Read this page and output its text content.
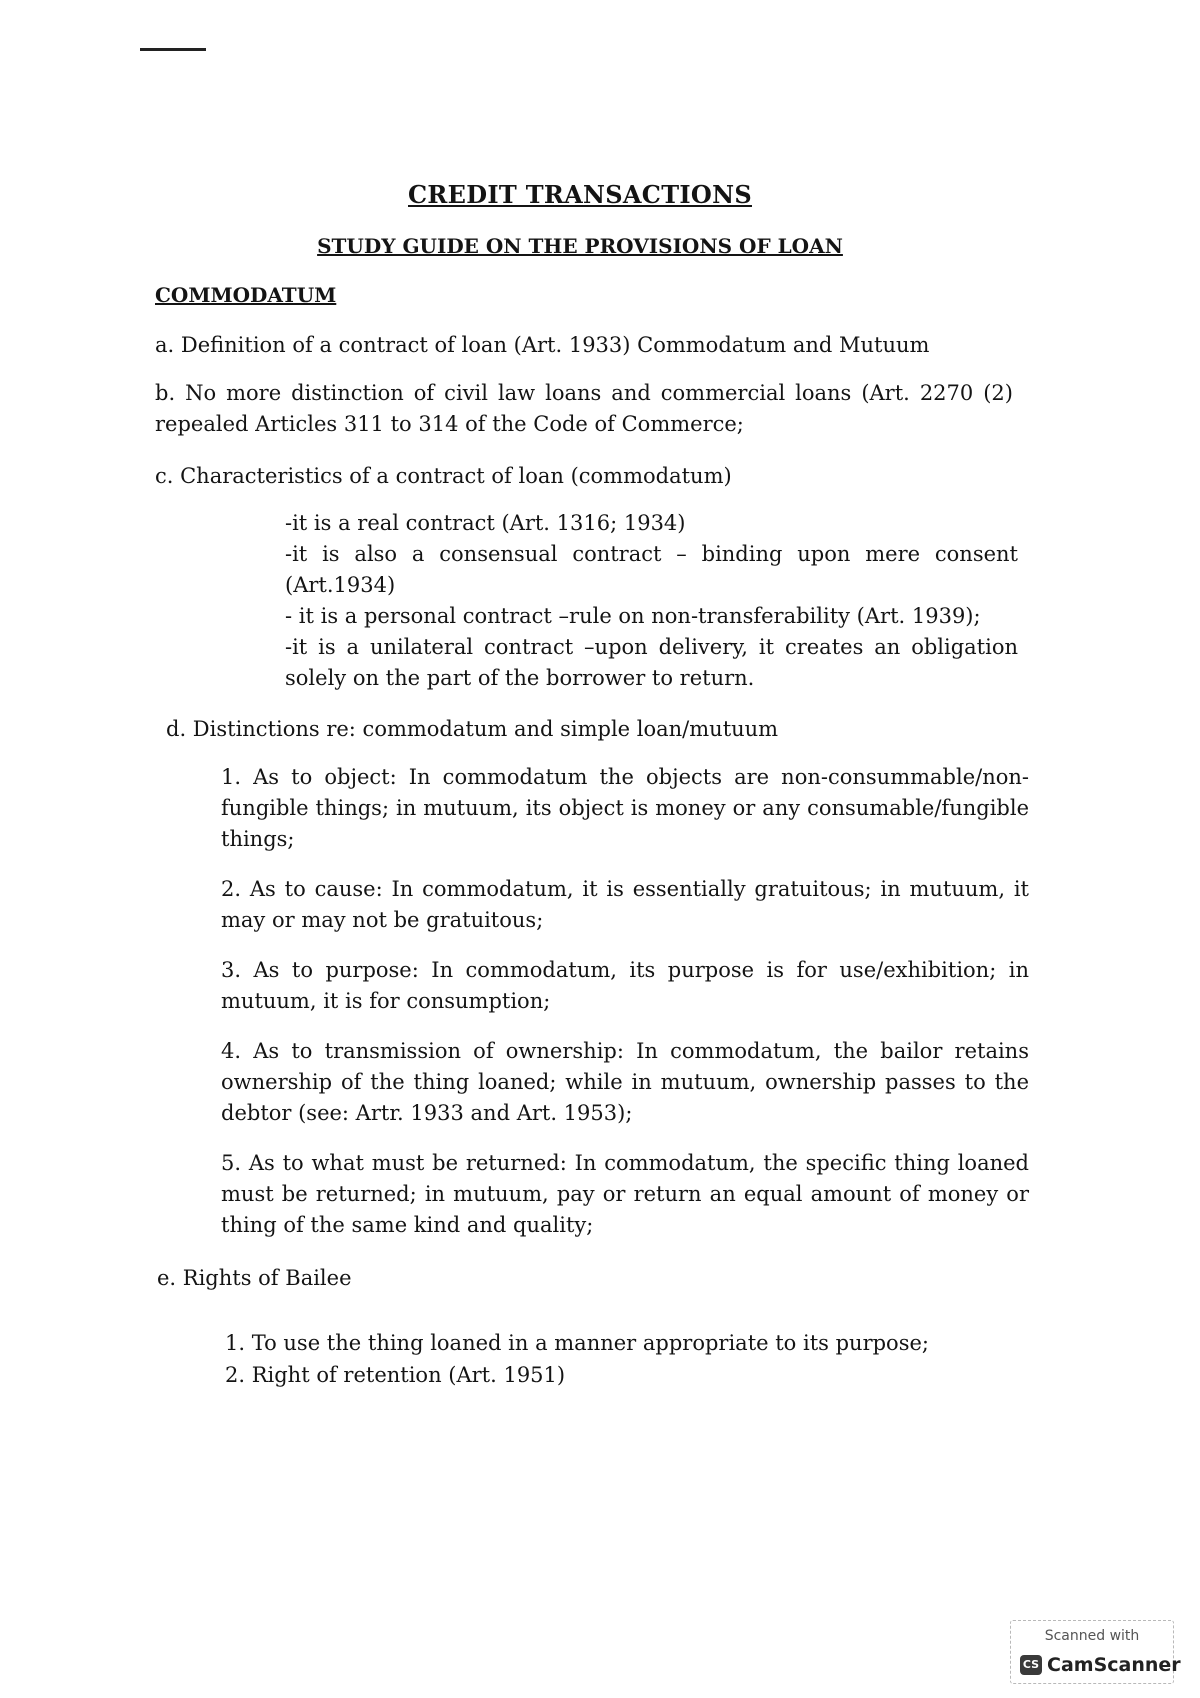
CREDIT TRANSACTIONS
STUDY GUIDE ON THE PROVISIONS OF LOAN
COMMODATUM
a. Definition of a contract of loan (Art. 1933) Commodatum and Mutuum
b. No more distinction of civil law loans and commercial loans (Art. 2270 (2) repealed Articles 311 to 314 of the Code of Commerce;
c. Characteristics of a contract of loan (commodatum)

-it is a real contract (Art. 1316; 1934)

-it is also a consensual contract – binding upon mere consent (Art.1934)

- it is a personal contract –rule on non-transferability (Art. 1939);

-it is a unilateral contract –upon delivery, it creates an obligation solely on the part of the borrower to return.

d. Distinctions re: commodatum and simple loan/mutuum

1. As to object: In commodatum the objects are non-consummable/non-fungible things; in mutuum, its object is money or any consumable/fungible things;

2. As to cause: In commodatum, it is essentially gratuitous; in mutuum, it may or may not be gratuitous;

3. As to purpose: In commodatum, its purpose is for use/exhibition; in mutuum, it is for consumption;

4. As to transmission of ownership: In commodatum, the bailor retains ownership of the thing loaned; while in mutuum, ownership passes to the debtor (see: Artr. 1933 and Art. 1953);

5. As to what must be returned: In commodatum, the specific thing loaned must be returned; in mutuum, pay or return an equal amount of money or thing of the same kind and quality;

e. Rights of Bailee

1. To use the thing loaned in a manner appropriate to its purpose;

2. Right of retention (Art. 1951)

Scanned with
CS CamScanner
